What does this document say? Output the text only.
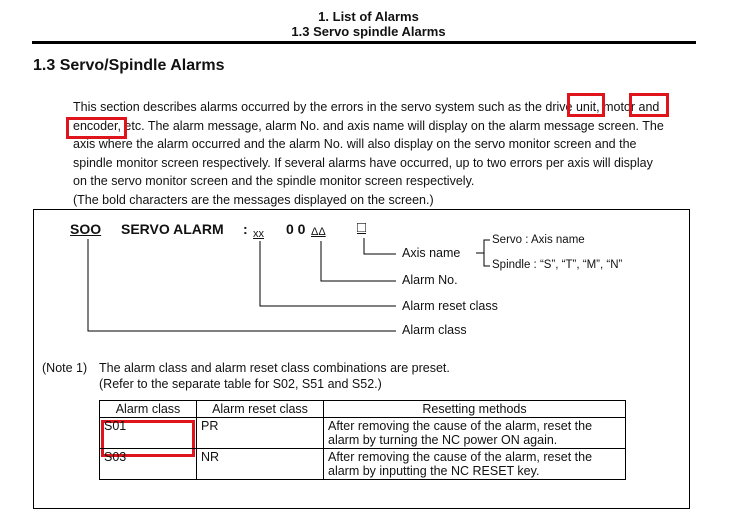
1. List of Alarms
1.3 Servo spindle Alarms
1.3 Servo/Spindle Alarms
This section describes alarms occurred by the errors in the servo system such as the drive unit, motor and
encoder, etc. The alarm message, alarm No. and axis name will display on the alarm message screen. The
axis where the alarm occurred and the alarm No. will also display on the servo monitor screen and the
spindle monitor screen respectively. If several alarms have occurred, up to two errors per axis will display
on the servo monitor screen and the spindle monitor screen respectively.
(The bold characters are the messages displayed on the screen.)
SOO SERVO ALARM : xx 0 0 ΔΔ □
Axis name
Servo : Axis name
Spindle : “S”, “T”, “M”, “N”
Alarm No.
Alarm reset class
Alarm class
(Note 1) The alarm class and alarm reset class combinations are preset.
(Refer to the separate table for S02, S51 and S52.)
Alarm class	Alarm reset class	Resetting methods
S01	PR	After removing the cause of the alarm, reset the
alarm by turning the NC power ON again.

S03	NR	After removing the cause of the alarm, reset the
alarm by inputting the NC RESET key.
